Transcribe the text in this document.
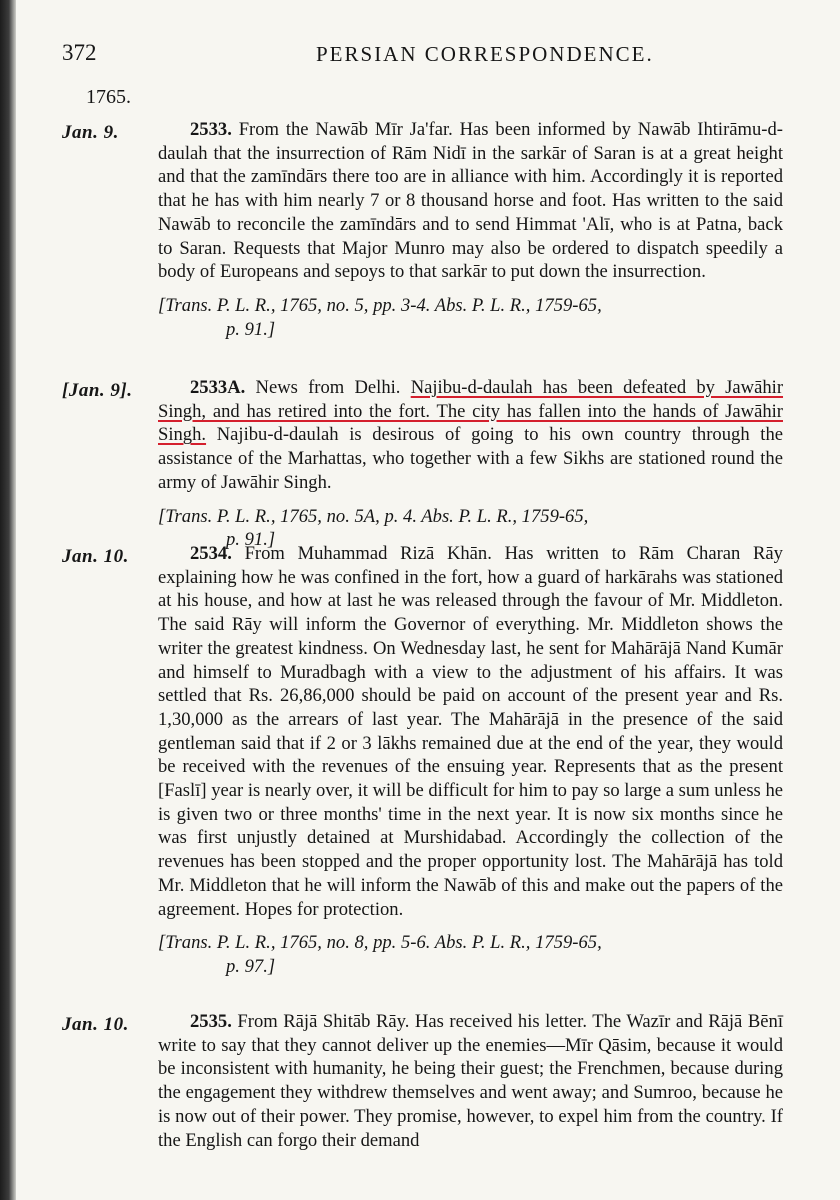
372	PERSIAN CORRESPONDENCE.
1765.
Jan. 9.	2533. From the Nawāb Mīr Ja'far. Has been informed by Nawāb Ihtirāmu-d-daulah that the insurrection of Rām Nidī in the sarkār of Saran is at a great height and that the zamīndārs there too are in alliance with him. Accordingly it is reported that he has with him nearly 7 or 8 thousand horse and foot. Has written to the said Nawāb to reconcile the zamīndārs and to send Himmat 'Alī, who is at Patna, back to Saran. Requests that Major Munro may also be ordered to dispatch speedily a body of Europeans and sepoys to that sarkār to put down the insurrection.

[Trans. P. L. R., 1765, no. 5, pp. 3-4. Abs. P. L. R., 1759-65,
p. 91.]
[Jan. 9].	2533A. News from Delhi. Najibu-d-daulah has been defeated by Jawāhir Singh, and has retired into the fort. The city has fallen into the hands of Jawāhir Singh. Najibu-d-daulah is desirous of going to his own country through the assistance of the Marhattas, who together with a few Sikhs are stationed round the army of Jawāhir Singh.

[Trans. P. L. R., 1765, no. 5A, p. 4. Abs. P. L. R., 1759-65,
p. 91.]
Jan. 10.	2534. From Muhammad Rizā Khān. Has written to Rām Charan Rāy explaining how he was confined in the fort, how a guard of harkārahs was stationed at his house, and how at last he was released through the favour of Mr. Middleton. The said Rāy will inform the Governor of everything. Mr. Middleton shows the writer the greatest kindness. On Wednesday last, he sent for Mahārājā Nand Kumār and himself to Muradbagh with a view to the adjustment of his affairs. It was settled that Rs. 26,86,000 should be paid on account of the present year and Rs. 1,30,000 as the arrears of last year. The Mahārājā in the presence of the said gentleman said that if 2 or 3 lākhs remained due at the end of the year, they would be received with the revenues of the ensuing year. Represents that as the present [Faslī] year is nearly over, it will be difficult for him to pay so large a sum unless he is given two or three months' time in the next year. It is now six months since he was first unjustly detained at Murshidabad. Accordingly the collection of the revenues has been stopped and the proper opportunity lost. The Mahārājā has told Mr. Middleton that he will inform the Nawāb of this and make out the papers of the agreement. Hopes for protection.

[Trans. P. L. R., 1765, no. 8, pp. 5-6. Abs. P. L. R., 1759-65,
p. 97.]
Jan. 10.	2535. From Rājā Shitāb Rāy. Has received his letter. The Wazīr and Rājā Bēnī write to say that they cannot deliver up the enemies—Mīr Qāsim, because it would be inconsistent with humanity, he being their guest; the Frenchmen, because during the engagement they withdrew themselves and went away; and Sumroo, because he is now out of their power. They promise, however, to expel him from the country. If the English can forgo their demand
